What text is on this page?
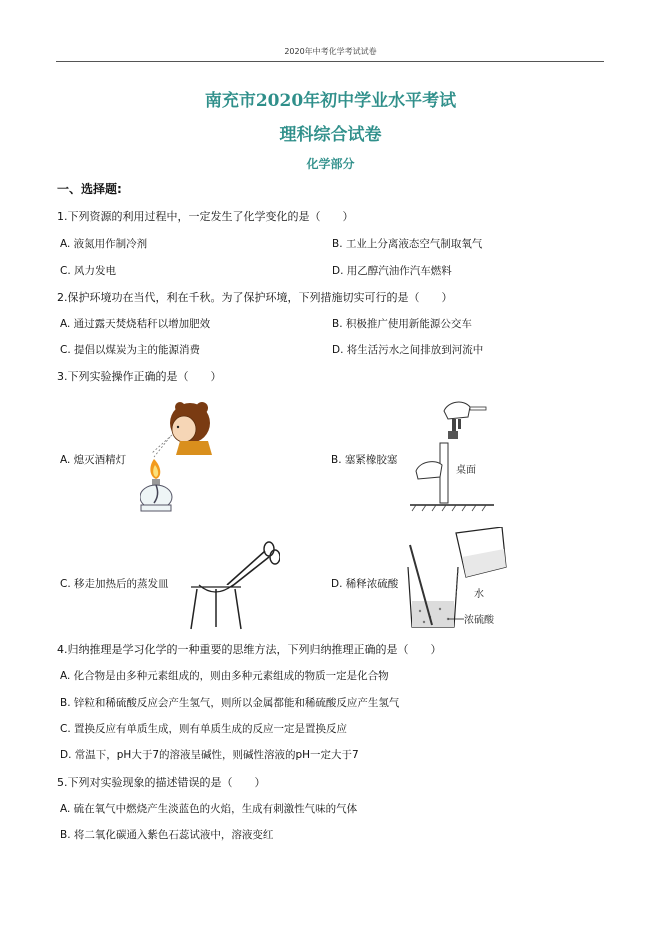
2020年中考化学考试试卷
南充市2020年初中学业水平考试
理科综合试卷
化学部分
一、选择题:
1.下列资源的利用过程中，一定发生了化学变化的是（　　）
A. 液氮用作制冷剂	B. 工业上分离液态空气制取氧气
C. 风力发电	D. 用乙醇汽油作汽车燃料
2.保护环境功在当代，利在千秋。为了保护环境，下列措施切实可行的是（　　）
A. 通过露天焚烧秸秆以增加肥效	B. 积极推广使用新能源公交车
C. 提倡以煤炭为主的能源消费	D. 将生活污水之间排放到河流中
3.下列实验操作正确的是（　　）
A. 熄灭酒精灯
桌面
B. 塞紧橡胶塞
C. 移走加热后的蒸发皿
水
浓硫酸
D. 稀释浓硫酸
4.归纳推理是学习化学的一种重要的思维方法，下列归纳推理正确的是（　　）
A. 化合物是由多种元素组成的，则由多种元素组成的物质一定是化合物
B. 锌粒和稀硫酸反应会产生氢气，则所以金属都能和稀硫酸反应产生氢气
C. 置换反应有单质生成，则有单质生成的反应一定是置换反应
D. 常温下，pH大于7的溶液呈碱性，则碱性溶液的pH一定大于7
5.下列对实验现象的描述错误的是（　　）
A. 硫在氧气中燃烧产生淡蓝色的火焰，生成有刺激性气味的气体
B. 将二氧化碳通入紫色石蕊试液中，溶液变红
